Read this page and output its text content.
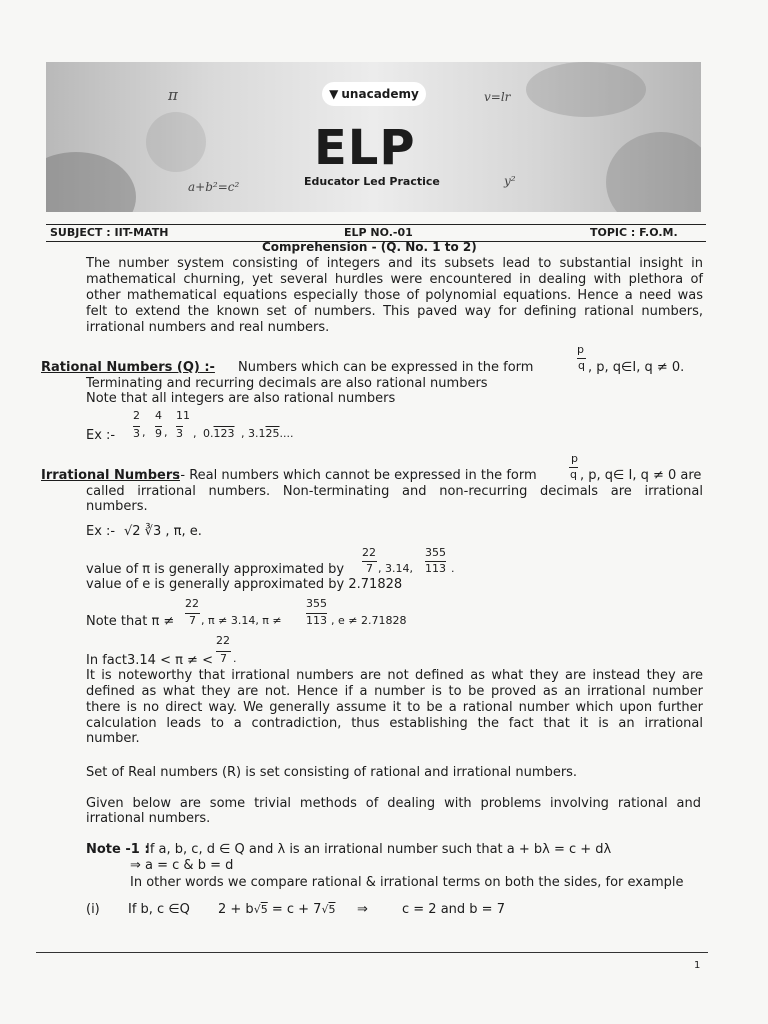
π	v=lr
a+b²=c²	y²
▼ unacademy
ELP
Educator Led Practice
SUBJECT : IIT-MATH	ELP NO.-01	TOPIC : F.O.M.
Comprehension - (Q. No. 1 to 2)
The number system consisting of integers and its subsets lead to substantial insight in
mathematical churning, yet several hurdles were encountered in dealing with plethora of
other mathematical equations especially those of polynomial equations. Hence a need was
felt to extend the known set of numbers. This paved way for defining rational numbers,
irrational numbers and real numbers.
p
Rational Numbers (Q) :- Numbers which can be expressed in the form	q , p, q∈I, q ≠ 0.
Terminating and recurring decimals are also rational numbers
Note that all integers are also rational numbers
2 4 11
Ex :- 3 , 9 , 3 , 0.123 , 3.125....
p
Irrational Numbers
:- Real numbers which cannot be expressed in the form	q , p, q∈ I, q ≠ 0 are
called irrational numbers. Non-terminating and non-recurring decimals are irrational
numbers.
Ex :- √2 ∛3 , π, e.
22	355
value of π is generally approximated by	7 , 3.14, 113 .
value of e is generally approximated by 2.71828
22	355
Note that π ≠	7 , π ≠ 3.14, π ≠ 113 , e ≠ 2.71828
22
In fact3.14 < π ≠ < 7 .
It is noteworthy that irrational numbers are not defined as what they are instead they are
defined as what they are not. Hence if a number is to be proved as an irrational number
there is no direct way. We generally assume it to be a rational number which upon further
calculation leads to a contradiction, thus establishing the fact that it is an irrational
number.
Set of Real numbers (R) is set consisting of rational and irrational numbers.
Given below are some trivial methods of dealing with problems involving rational and
irrational numbers.
Note -1 :
If a, b, c, d ∈ Q and λ is an irrational number such that a + bλ = c + dλ
⇒ a = c & b = d
In other words we compare rational & irrational terms on both the sides, for example
(i) If b, c ∈Q 2 + b√5 = c + 7√5 ⇒	c = 2 and b = 7
1
